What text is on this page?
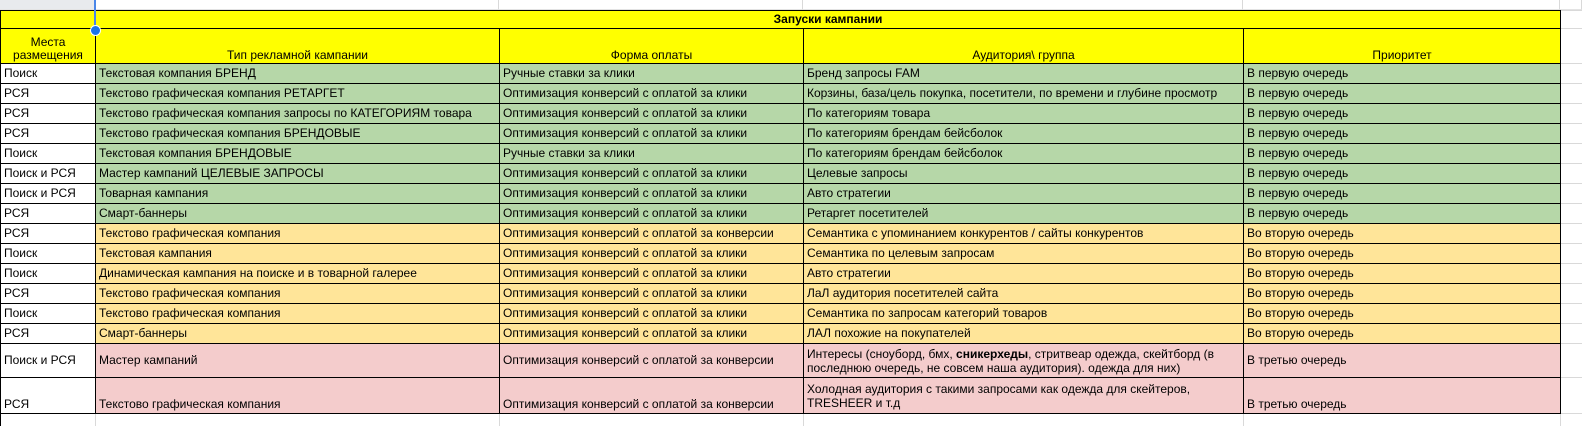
	Запуски кампании				
Места размещения	Тип рекламной кампании	Форма оплаты	Аудитория\ группа	Приоритет	
Поиск	Текстовая компания БРЕНД	Ручные ставки за клики	Бренд запросы FAM	В первую очередь	
РСЯ	Текстово графическая компания РЕТАРГЕТ	Оптимизация конверсий с оплатой за клики	Корзины, база/цель покупка, посетители, по времени и глубине просмотр	В первую очередь	
РСЯ	Текстово графическая компания запросы по КАТЕГОРИЯМ товара	Оптимизация конверсий с оплатой за клики	По категориям товара	В первую очередь	
РСЯ	Текстово графическая компания БРЕНДОВЫЕ	Оптимизация конверсий с оплатой за клики	По категориям брендам бейсболок	В первую очередь	
Поиск	Текстовая компания БРЕНДОВЫЕ	Ручные ставки за клики	По категориям брендам бейсболок	В первую очередь	
Поиск и РСЯ	Мастер кампаний ЦЕЛЕВЫЕ ЗАПРОСЫ	Оптимизация конверсий с оплатой за клики	Целевые запросы	В первую очередь	
Поиск и РСЯ	Товарная кампания	Оптимизация конверсий с оплатой за клики	Авто стратегии	В первую очередь	
РСЯ	Смарт-баннеры	Оптимизация конверсий с оплатой за клики	Ретаргет посетителей	В первую очередь	
РСЯ	Текстово графическая компания	Оптимизация конверсий с оплатой за конверсии	Семантика с упоминанием конкурентов / сайты конкурентов	Во вторую очередь	
Поиск	Текстовая кампания	Оптимизация конверсий с оплатой за клики	Семантика по целевым запросам	Во вторую очередь	
Поиск	Динамическая кампания на поиске и в товарной галерее	Оптимизация конверсий с оплатой за клики	Авто стратегии	Во вторую очередь	
РСЯ	Текстово графическая компания	Оптимизация конверсий с оплатой за клики	ЛаЛ аудитория посетителей сайта	Во вторую очередь	
Поиск	Текстово графическая компания	Оптимизация конверсий с оплатой за клики	Семантика по запросам категорий товаров	Во вторую очередь	
РСЯ	Смарт-баннеры	Оптимизация конверсий с оплатой за клики	ЛАЛ похожие на покупателей	Во вторую очередь	
Поиск и РСЯ	Мастер кампаний	Оптимизация конверсий с оплатой за конверсии	Интересы (сноуборд, бмх, сникерхеды, стритвеар одежда, скейтборд (в последнюю очередь, не совсем наша аудитория). одежда для них)	В третью очередь	
РСЯ	Текстово графическая компания	Оптимизация конверсий с оплатой за конверсии	Холодная аудитория с такими запросами как одежда для скейтеров, TRESHEER и т.д	В третью очередь	
